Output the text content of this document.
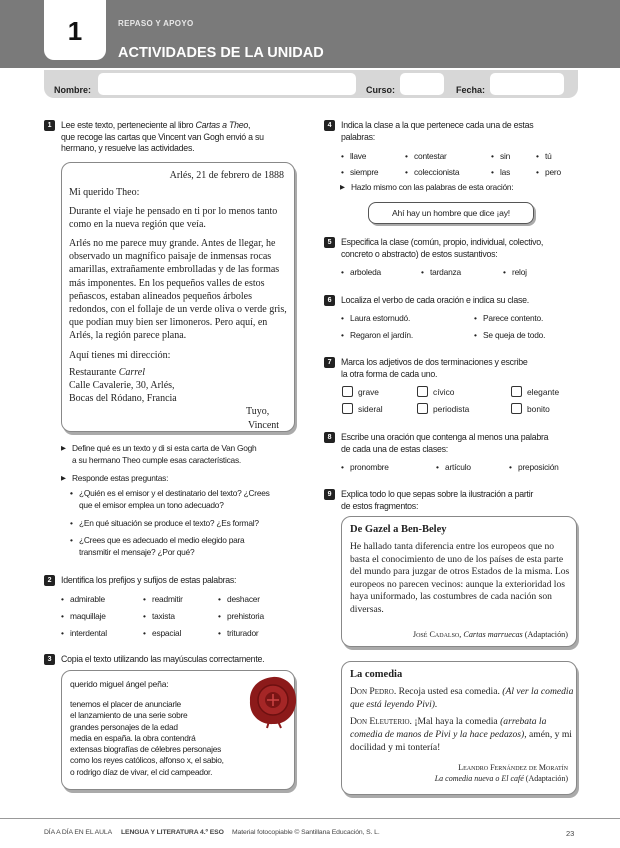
1	REPASO Y APOYO
ACTIVIDADES DE LA UNIDAD
Nombre:	Curso:	Fecha:
1 Lee este texto, perteneciente al libro Cartas a Theo,
que recoge las cartas que Vincent van Gogh envió a su
hermano, y resuelve las actividades.
Arlés, 21 de febrero de 1888
Mi querido Theo:
Durante el viaje he pensado en ti por lo menos tanto como en la nueva región que veía.
Arlés no me parece muy grande. Antes de llegar, he observado un magnífico paisaje de inmensas rocas amarillas, extrañamente embrolladas y de las formas más imponentes. En los pequeños valles de estos peñascos, estaban alineados pequeños árboles redondos, con el follaje de un verde oliva o verde gris, que podían muy bien ser limoneros. Pero aquí, en Arlés, la región parece plana.
Aquí tienes mi dirección:
Restaurante Carrel
Calle Cavalerie, 30, Arlés,
Bocas del Ródano, Francia
Tuyo,
Vincent
▶ Define qué es un texto y di si esta carta de Van Gogh
a su hermano Theo cumple esas características.
▶ Responde estas preguntas:
¿Quién es el emisor y el destinatario del texto? ¿Crees
que el emisor emplea un tono adecuado?
¿En qué situación se produce el texto? ¿Es formal?
¿Crees que es adecuado el medio elegido para
transmitir el mensaje? ¿Por qué?
2 Identifica los prefijos y sufijos de estas palabras:
• admirable	• readmitir	• deshacer
• maquillaje	• taxista	• prehistoria
• interdental	• espacial	• triturador
3 Copia el texto utilizando las mayúsculas correctamente.
querido miguel ángel peña:
tenemos el placer de anunciarle
el lanzamiento de una serie sobre
grandes personajes de la edad
media en españa. la obra contendrá
extensas biografías de célebres personajes
como los reyes católicos, alfonso x, el sabio,
o rodrigo díaz de vivar, el cid campeador.
4 Indica la clase a la que pertenece cada una de estas
palabras:
• llave	• contestar	• sin	• tú
• siempre	• coleccionista	• las	• pero
▶ Hazlo mismo con las palabras de esta oración:
Ahí hay un hombre que dice ¡ay!
5 Especifica la clase (común, propio, individual, colectivo,
concreto o abstracto) de estos sustantivos:
• arboleda	• tardanza	• reloj
6 Localiza el verbo de cada oración e indica su clase.
• Laura estornudó.	• Parece contento.
• Regaron el jardín.	• Se queja de todo.
7 Marca los adjetivos de dos terminaciones y escribe
la otra forma de cada uno.
grave	cívico	elegante
sideral	periodista	bonito
8 Escribe una oración que contenga al menos una palabra
de cada una de estas clases:
• pronombre	• artículo	• preposición
9 Explica todo lo que sepas sobre la ilustración a partir
de estos fragmentos:
De Gazel a Ben-Beley
He hallado tanta diferencia entre los europeos que no basta el conocimiento de uno de los países de esta parte del mundo para juzgar de otros Estados de la misma. Los europeos no parecen vecinos: aunque la exterioridad los haya uniformado, las costumbres de cada nación son diversas.
José Cadalso, Cartas marruecas (Adaptación)
La comedia
Don Pedro. Recoja usted esa comedia. (Al ver la comedia que está leyendo Pivi).
Don Eleuterio. ¡Mal haya la comedia (arrebata la comedia de manos de Pivi y la hace pedazos), amén, y mi docilidad y mi tontería!
Leandro Fernández de Moratín
La comedia nueva o El café (Adaptación)
DÍA A DÍA EN EL AULA LENGUA Y LITERATURA 4.º ESO Material fotocopiable © Santillana Educación, S. L.	23
